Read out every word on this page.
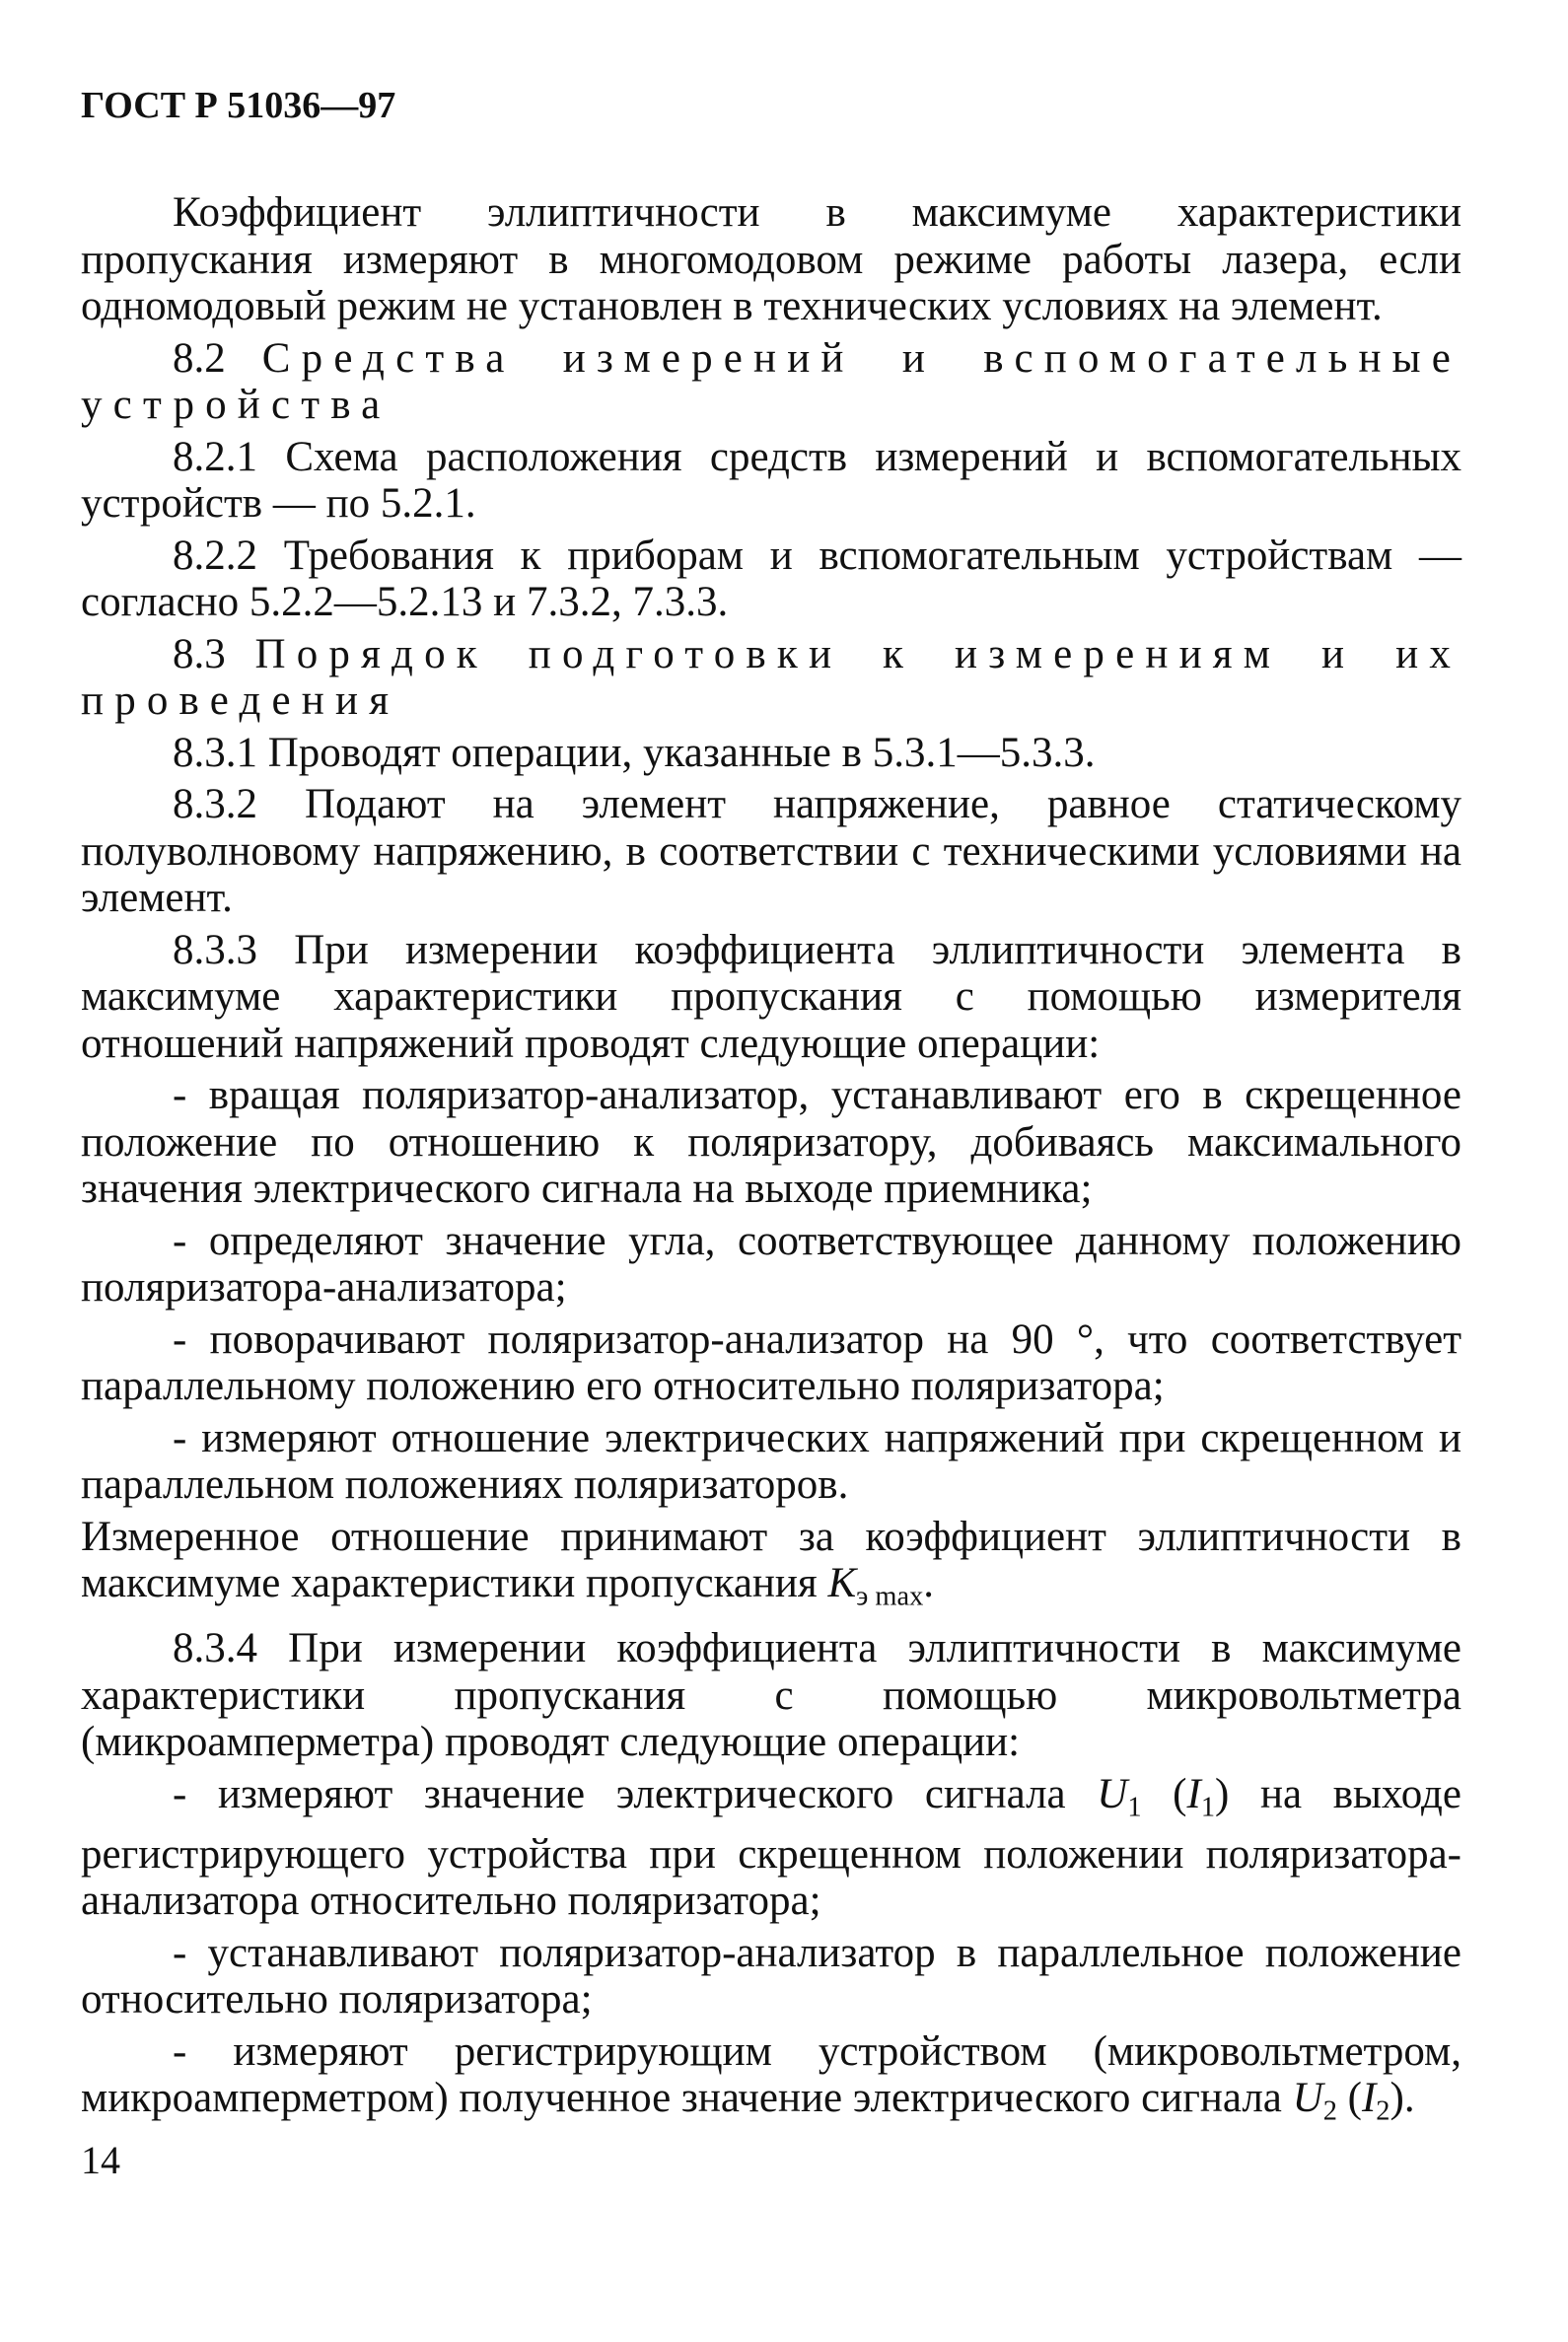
ГОСТ Р 51036—97

Коэффициент эллиптичности в максимуме характеристики пропускания измеряют в многомодовом режиме работы лазера, если одномодовый режим не установлен в технических условиях на элемент.

8.2 Средства измерений и вспомогательные устройства

8.2.1 Схема расположения средств измерений и вспомогательных устройств — по 5.2.1.

8.2.2 Требования к приборам и вспомогательным устройствам — согласно 5.2.2—5.2.13 и 7.3.2, 7.3.3.

8.3 Порядок подготовки к измерениям и их проведения

8.3.1 Проводят операции, указанные в 5.3.1—5.3.3.

8.3.2 Подают на элемент напряжение, равное статическому полуволновому напряжению, в соответствии с техническими условиями на элемент.

8.3.3 При измерении коэффициента эллиптичности элемента в максимуме характеристики пропускания с помощью измерителя отношений напряжений проводят следующие операции:

- вращая поляризатор-анализатор, устанавливают его в скрещенное положение по отношению к поляризатору, добиваясь максимального значения электрического сигнала на выходе приемника;

- определяют значение угла, соответствующее данному положению поляризатора-анализатора;

- поворачивают поляризатор-анализатор на 90 °, что соответствует параллельному положению его относительно поляризатора;

- измеряют отношение электрических напряжений при скрещенном и параллельном положениях поляризаторов.

Измеренное отношение принимают за коэффициент эллиптичности в максимуме характеристики пропускания $K_{э max}$.

8.3.4 При измерении коэффициента эллиптичности в максимуме характеристики пропускания с помощью микровольтметра (микроамперметра) проводят следующие операции:

- измеряют значение электрического сигнала $U_1$ $(I_1)$ на выходе регистрирующего устройства при скрещенном положении поляризатора-анализатора относительно поляризатора;

- устанавливают поляризатор-анализатор в параллельное положение относительно поляризатора;

- измеряют регистрирующим устройством (микровольтметром, микроамперметром) полученное значение электрического сигнала $U_2$ $(I_2)$.

14
